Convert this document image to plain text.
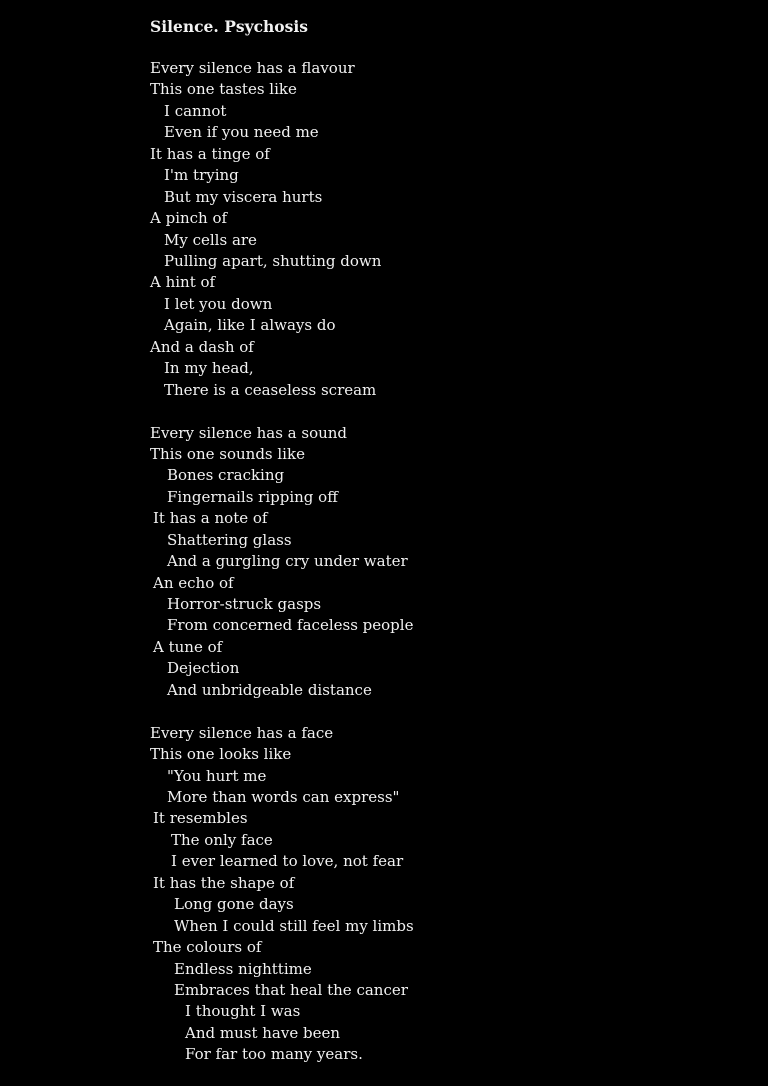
Silence. Psychosis
Every silence has a flavour
This one tastes like
I cannot
Even if you need me
It has a tinge of
I'm trying
But my viscera hurts
A pinch of
My cells are
Pulling apart, shutting down
A hint of
I let you down
Again, like I always do
And a dash of
In my head,
There is a ceaseless scream
Every silence has a sound
This one sounds like
Bones cracking
Fingernails ripping off
It has a note of
Shattering glass
And a gurgling cry under water
An echo of
Horror-struck gasps
From concerned faceless people
A tune of
Dejection
And unbridgeable distance
Every silence has a face
This one looks like
"You hurt me
More than words can express"
It resembles
The only face
I ever learned to love, not fear
It has the shape of
Long gone days
When I could still feel my limbs
The colours of
Endless nighttime
Embraces that heal the cancer
I thought I was
And must have been
For far too many years.
